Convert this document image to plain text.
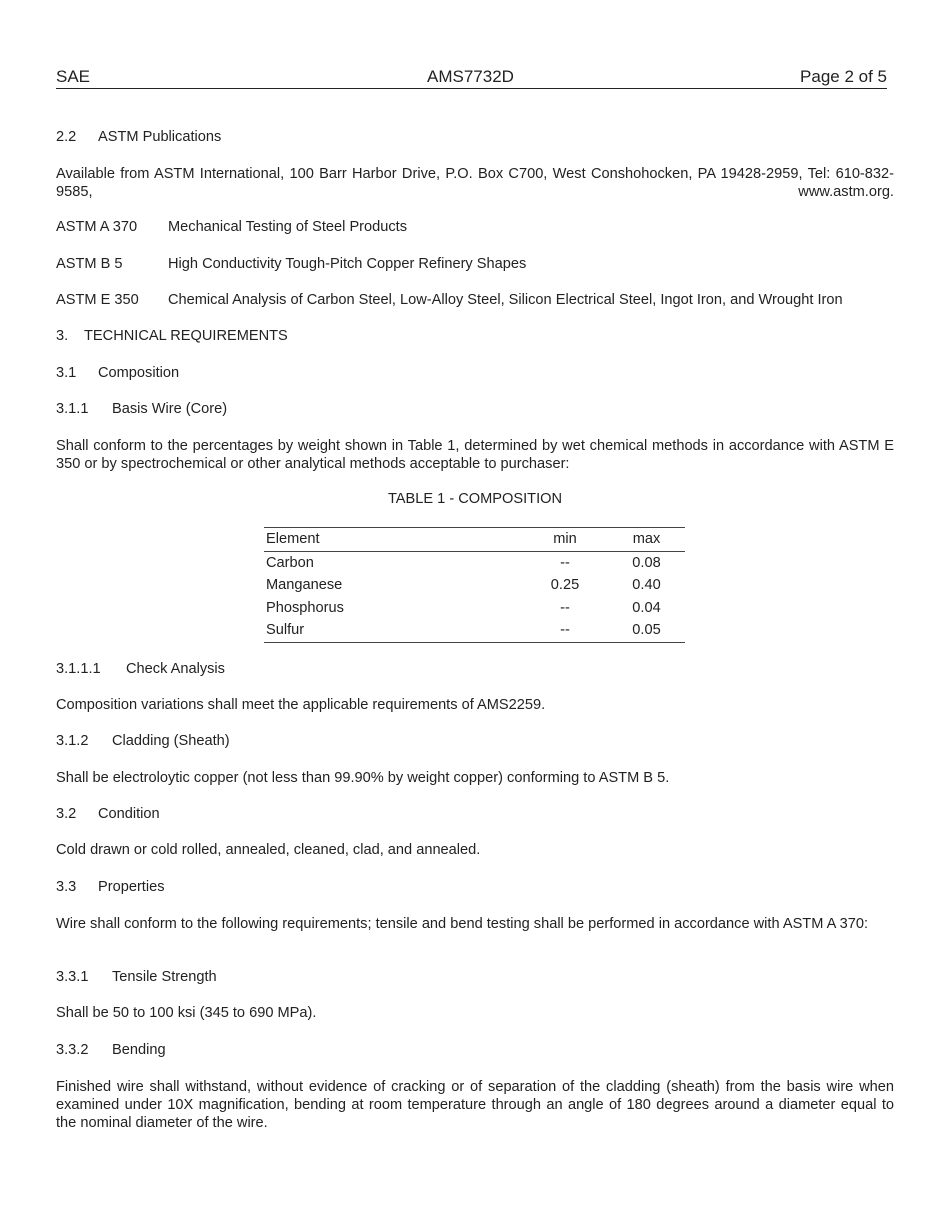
SAE	AMS7732D	Page 2 of 5
2.2 ASTM Publications
Available from ASTM International, 100 Barr Harbor Drive, P.O. Box C700, West Conshohocken, PA 19428-2959, Tel: 610-832-9585, www.astm.org.
ASTM A 370 Mechanical Testing of Steel Products
ASTM B 5	High Conductivity Tough-Pitch Copper Refinery Shapes
ASTM E 350 Chemical Analysis of Carbon Steel, Low-Alloy Steel, Silicon Electrical Steel, Ingot Iron, and Wrought Iron
3. TECHNICAL REQUIREMENTS
3.1 Composition
3.1.1 Basis Wire (Core)
Shall conform to the percentages by weight shown in Table 1, determined by wet chemical methods in accordance with ASTM E 350 or by spectrochemical or other analytical methods acceptable to purchaser:
TABLE 1 - COMPOSITION
Element	min	max
Carbon	--	0.08
Manganese	0.25	0.40
Phosphorus	--	0.04
Sulfur	--	0.05
3.1.1.1 Check Analysis
Composition variations shall meet the applicable requirements of AMS2259.
3.1.2 Cladding (Sheath)
Shall be electroloytic copper (not less than 99.90% by weight copper) conforming to ASTM B 5.
3.2 Condition
Cold drawn or cold rolled, annealed, cleaned, clad, and annealed.
3.3 Properties
Wire shall conform to the following requirements; tensile and bend testing shall be performed in accordance with ASTM A 370:
3.3.1 Tensile Strength
Shall be 50 to 100 ksi (345 to 690 MPa).
3.3.2 Bending
Finished wire shall withstand, without evidence of cracking or of separation of the cladding (sheath) from the basis wire when examined under 10X magnification, bending at room temperature through an angle of 180 degrees around a diameter equal to the nominal diameter of the wire.
